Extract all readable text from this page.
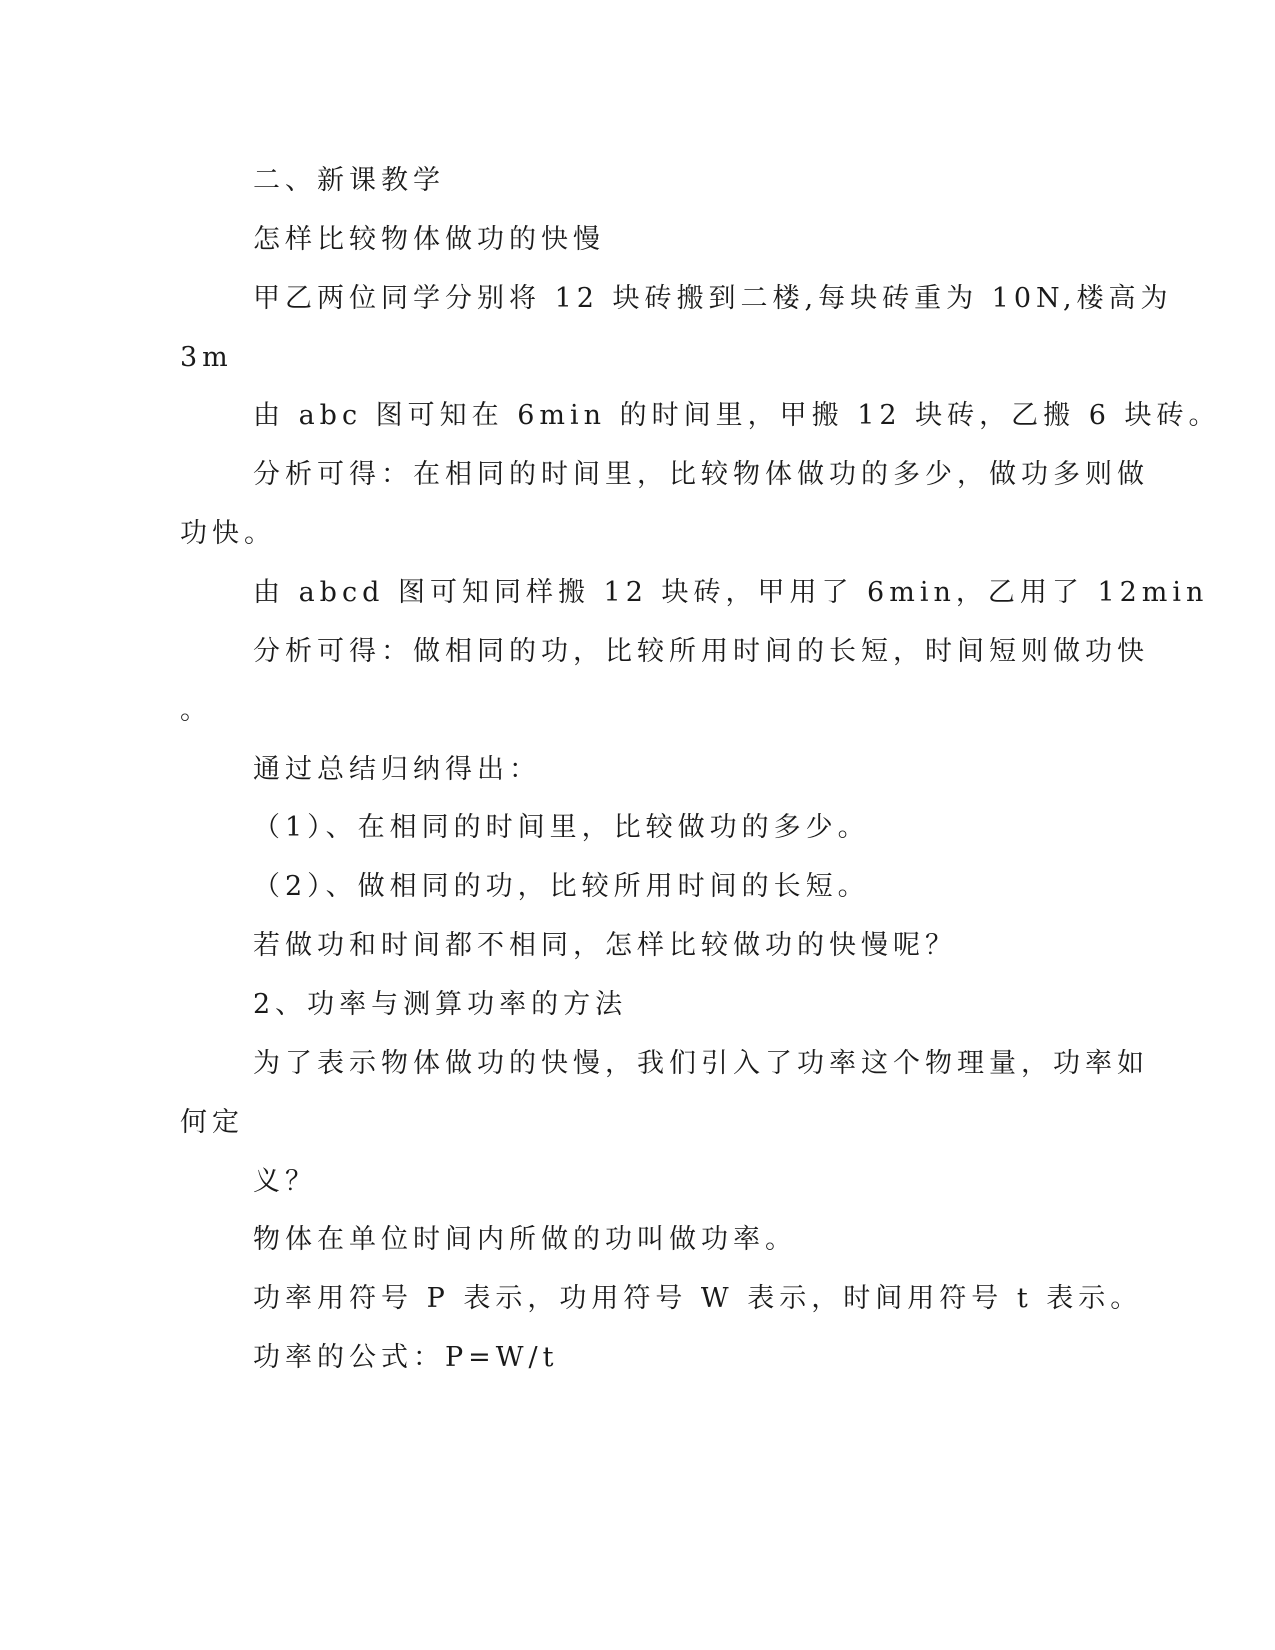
二、新课教学
怎样比较物体做功的快慢
甲乙两位同学分别将 12 块砖搬到二楼,每块砖重为 10N,楼高为
3m
由 abc 图可知在 6min 的时间里，甲搬 12 块砖，乙搬 6 块砖。
分析可得：在相同的时间里，比较物体做功的多少，做功多则做
功快。
由 abcd 图可知同样搬 12 块砖，甲用了 6min，乙用了 12min
分析可得：做相同的功，比较所用时间的长短，时间短则做功快
。
通过总结归纳得出：
（1）、在相同的时间里，比较做功的多少。
（2）、做相同的功，比较所用时间的长短。
若做功和时间都不相同，怎样比较做功的快慢呢？
2、功率与测算功率的方法
为了表示物体做功的快慢，我们引入了功率这个物理量，功率如
何定
义？
物体在单位时间内所做的功叫做功率。
功率用符号 P 表示，功用符号 W 表示，时间用符号 t 表示。
功率的公式：P=W/t
